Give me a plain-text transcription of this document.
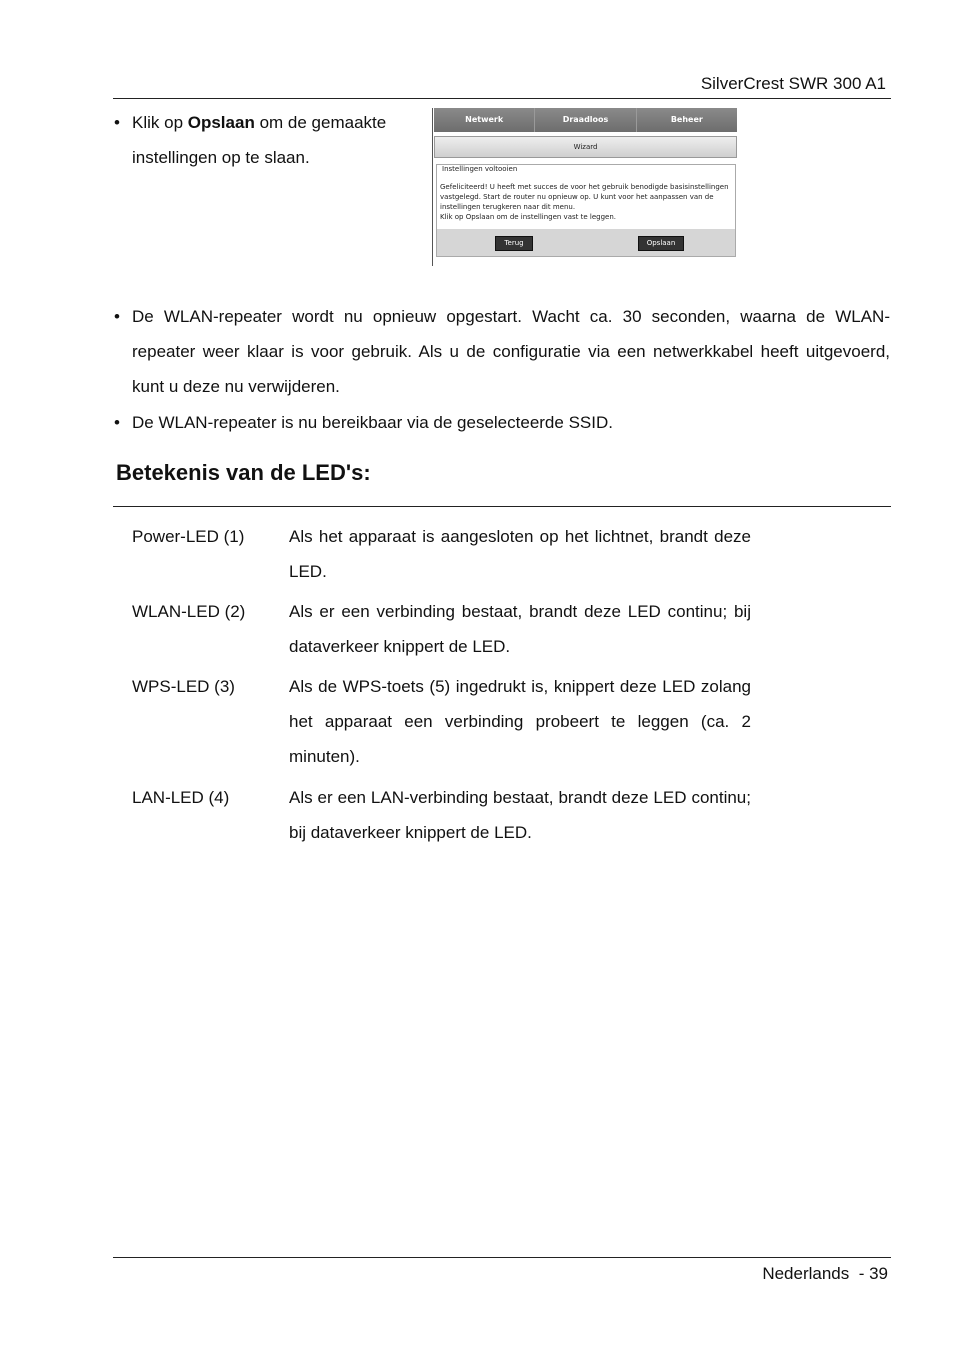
SilverCrest SWR 300 A1
• Klik op Opslaan om de gemaakte
instellingen op te slaan.
Netwerk	Draadloos	Beheer
Wizard
Instellingen voltooien
Gefeliciteerd! U heeft met succes de voor het gebruik benodigde basisinstellingen
vastgelegd. Start de router nu opnieuw op. U kunt voor het aanpassen van de
instellingen terugkeren naar dit menu.
Klik op Opslaan om de instellingen vast te leggen.
Terug	Opslaan
• De WLAN-repeater wordt nu opnieuw opgestart. Wacht ca. 30 seconden, waarna de WLAN-
repeater weer klaar is voor gebruik. Als u de configuratie via een netwerkkabel heeft uitgevoerd,
kunt u deze nu verwijderen.
• De WLAN-repeater is nu bereikbaar via de geselecteerde SSID.
Betekenis van de LED's:
Power-LED (1)	Als het apparaat is aangesloten op het lichtnet, brandt deze LED.
WLAN-LED (2)	Als er een verbinding bestaat, brandt deze LED continu; bij dataverkeer knippert de LED.
WPS-LED (3)	Als de WPS-toets (5) ingedrukt is, knippert deze LED zolang het apparaat een verbinding probeert te leggen (ca. 2 minuten).
LAN-LED (4)	Als er een LAN-verbinding bestaat, brandt deze LED continu; bij dataverkeer knippert de LED.
Nederlands  - 39
